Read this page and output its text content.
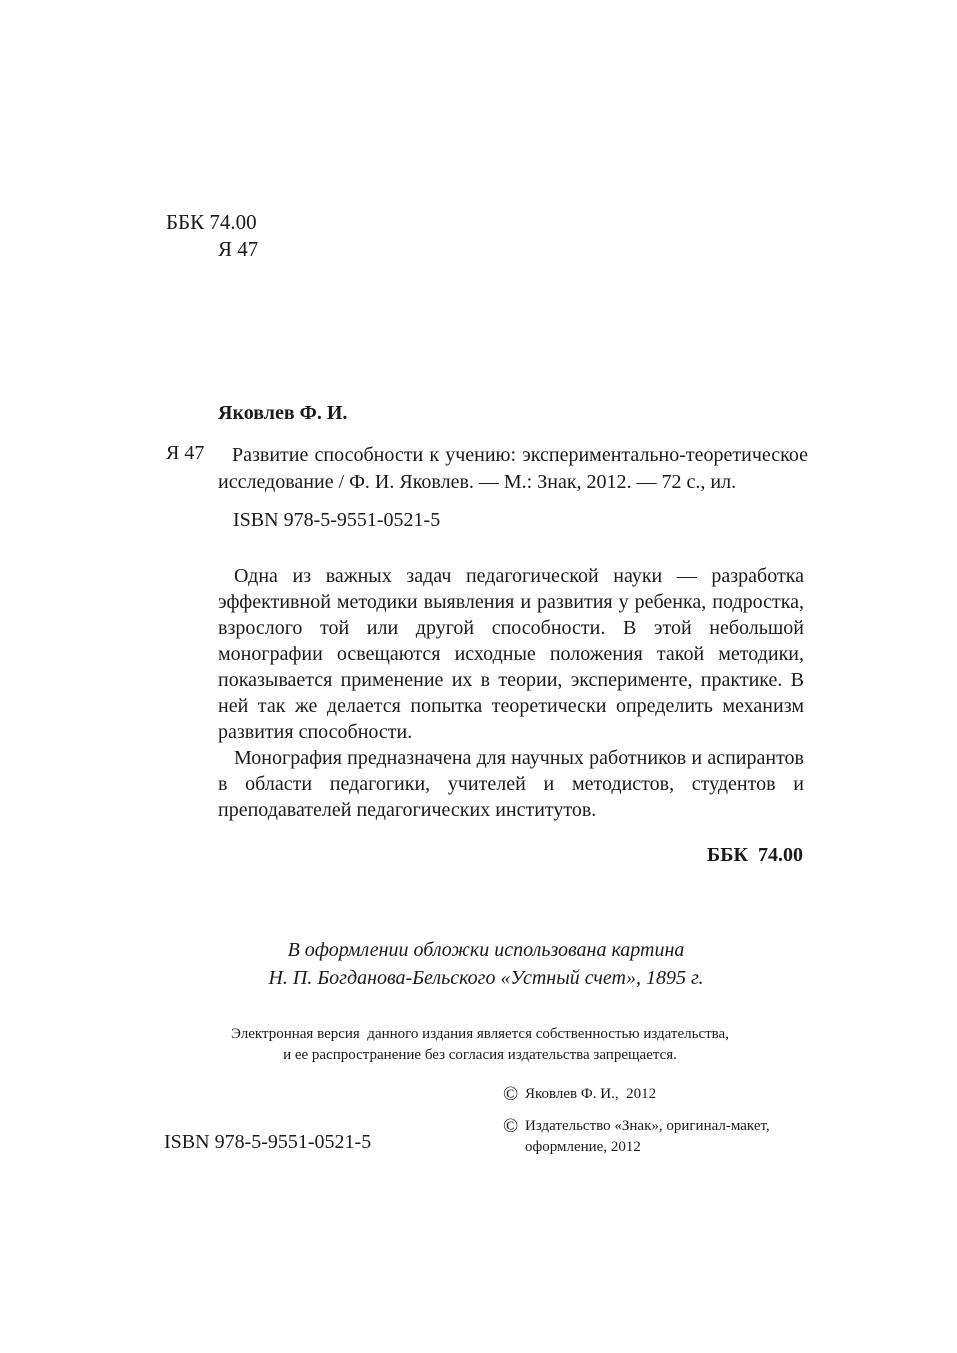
ББК 74.00
Я 47
Яковлев Ф. И.
Я 47	Развитие способности к учению: экспериментально-теоретическое исследование / Ф. И. Яковлев. — М.: Знак, 2012. — 72 с., ил.
ISBN 978-5-9551-0521-5

Одна из важных задач педагогической науки — разработка эффективной методики выявления и развития у ребенка, подростка, взрослого той или другой способности. В этой небольшой монографии освещаются исходные положения такой методики, показывается применение их в теории, эксперименте, практике. В ней так же делается попытка теоретически определить механизм развития способности.

Монография предназначена для научных работников и аспирантов в области педагогики, учителей и методистов, студентов и преподавателей педагогических институтов.

ББК  74.00
В оформлении обложки использована картина
Н. П. Богданова-Бельского «Устный счет», 1895 г.
Электронная версия  данного издания является собственностью издательства,
и ее распространение без согласия издательства запрещается.
© Яковлев Ф. И.,  2012
© Издательство «Знак», оригинал-макет,
оформление, 2012
ISBN 978-5-9551-0521-5
